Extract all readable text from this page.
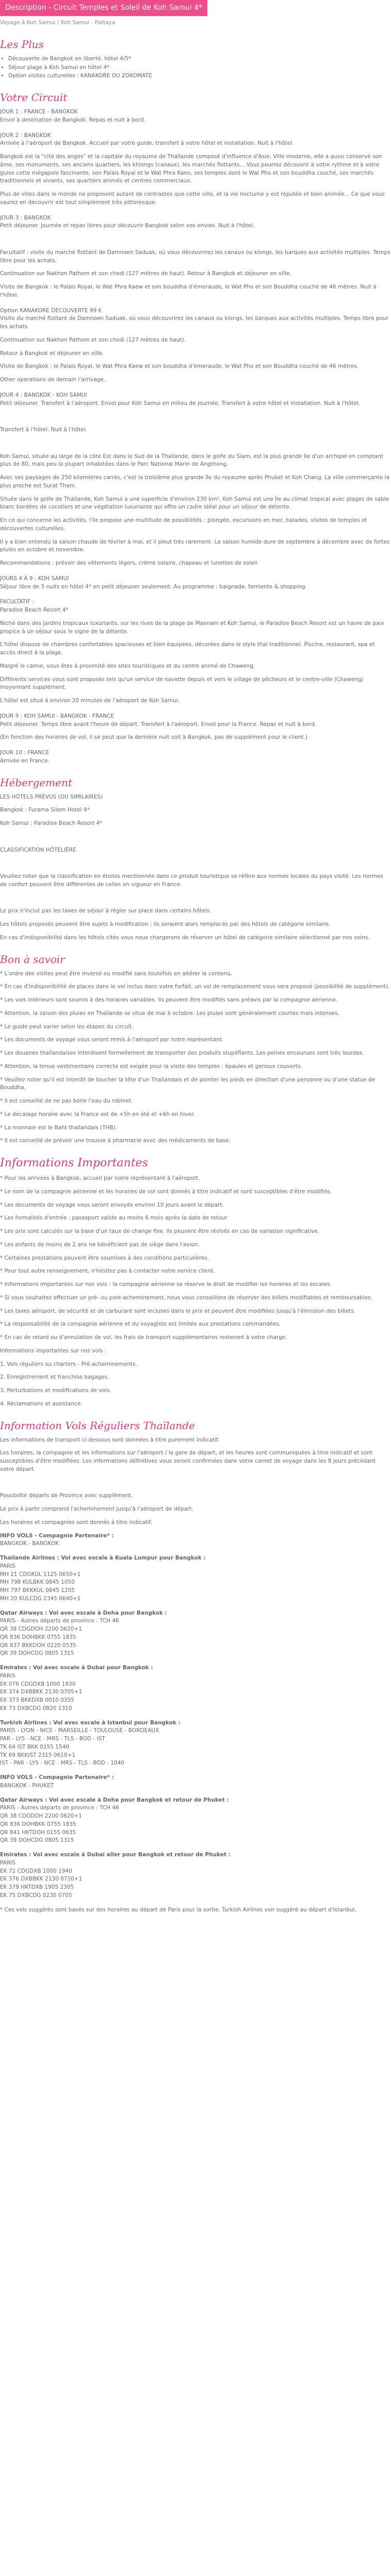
Description - Circuit Temples et Soleil de Koh Samui 4*
Voyage à Koh Samui / Koh Samui - Pattaya
Les Plus
• Découverte de Bangkok en liberté, hôtel 4/5*
• Séjour plage à Koh Samui en hôtel 4*
• Option visites culturelles : KANAKORE OU ZOKOMATE
Votre Circuit

JOUR 1 : FRANCE - BANGKOK

Envol à destination de Bangkok. Repas et nuit à bord.

JOUR 2 : BANGKOK

Arrivée à l'aéroport de Bangkok. Accueil par votre guide, transfert à votre hôtel et installation. Nuit à l'hôtel.

Bangkok est la "cité des anges" et la capitale du royaume de Thaïlande composé d'influence d'Asie. Ville moderne, elle a aussi conservé son âme, ses monuments, ses anciens quartiers, les khlongs (canaux), les marchés flottants... Vous pourrez découvrir à votre rythme et à votre guise cette mégapole fascinante, son Palais Royal et le Wat Phra Kaeo, ses temples dont le Wat Pho et son bouddha couché, ses marchés traditionnels et vivants, ses quartiers animés et centres commerciaux.

Plus de villes dans le monde ne proposent autant de contrastes que cette ville, et la vie nocturne y est réputée et bien animée... Ce que vous saurez en découvrir est tout simplement très pittoresque.

JOUR 3 : BANGKOK

Petit déjeuner. Journée et repas libres pour découvrir Bangkok selon vos envies. Nuit à l'hôtel.

Facultatif : visite du marché flottant de Damnoen Saduak, où vous découvrirez les canaux ou klongs, les barques aux activités multiples. Temps libre pour les achats.

Continuation sur Nakhon Pathom et son chedi (127 mètres de haut). Retour à Bangkok et déjeuner en ville.

Visite de Bangkok : le Palais Royal, le Wat Phra Kaew et son bouddha d'émeraude, le Wat Pho et son Bouddha couché de 46 mètres. Nuit à l'hôtel.

Option KANAKORE DECOUVERTE 99 €

Visite du marché flottant de Damnoen Saduak, où vous découvrirez les canaux ou klongs, les barques aux activités multiples. Temps libre pour les achats.

Continuation sur Nakhon Pathom et son chedi (127 mètres de haut).

Retour à Bangkok et déjeuner en ville.

Visite de Bangkok : le Palais Royal, le Wat Phra Kaew et son bouddha d'émeraude, le Wat Pho et son Bouddha couché de 46 mètres.

Other operations de demain l'arrivage.

JOUR 4 : BANGKOK - KOH SAMUI

Petit déjeuner. Transfert à l'aéroport. Envol pour Koh Samui en milieu de journée. Transfert à votre hôtel et installation. Nuit à l'hôtel.

Transfert à l'hôtel. Nuit à l'hôtel.

Koh Samui, située au large de la côte Est dans le Sud de la Thaïlande, dans le golfe du Siam, est la plus grande île d'un archipel en comptant plus de 80, mais peu la plupart inhabitées dans le Parc National Marin de Angthong.

Avec ses paysages de 250 kilomètres carrés, c'est la troisième plus grande île du royaume après Phuket et Koh Chang. La ville commerçante la plus proche est Surat Thani.

Située dans le golfe de Thaïlande, Koh Samui a une superficie d'environ 230 km². Koh Samui est une île au climat tropical avec plages de sable blanc bordées de cocotiers et une végétation luxuriante qui offre un cadre idéal pour un séjour de détente.

En ce qui concerne les activités, l'île propose une multitude de possibilités : plongée, excursions en mer, balades, visites de temples et découvertes culturelles.

Il y a bien entendu la saison chaude de février à mai, et il pleut très rarement. La saison humide dure de septembre à décembre avec de fortes pluies en octobre et novembre.

Recommandations : prévoir des vêtements légers, crème solaire, chapeau et lunettes de soleil.

JOURS 4 À 9 : KOH SAMUI

Séjour libre de 5 nuits en hôtel 4* en petit déjeuner seulement. Au programme : baignade, farniente & shopping.

FACULTATIF :

Paradise Beach Resort 4*

Niché dans des jardins tropicaux luxuriants, sur les rives de la plage de Maenam et Koh Samui, le Paradise Beach Resort est un havre de paix propice à un séjour sous le signe de la détente.

L'hôtel dispose de chambres confortables spacieuses et bien équipées, décorées dans le style thaï traditionnel. Piscine, restaurant, spa et accès direct à la plage.

Malgré le calme, vous êtes à proximité des sites touristiques et du centre animé de Chaweng.

Différents services vous sont proposés tels qu'un service de navette depuis et vers le village de pêcheurs et le centre-ville (Chaweng) moyennant supplément.

L'hôtel est situé à environ 20 minutes de l'aéroport de Koh Samui.

JOUR 9 : KOH SAMUI - BANGKOK - FRANCE

Petit déjeuner. Temps libre avant l'heure de départ. Transfert à l'aéroport. Envol pour la France. Repas et nuit à bord.

(En fonction des horaires de vol, il se peut que la dernière nuit soit à Bangkok, pas de supplément pour le client.)

JOUR 10 : FRANCE

Arrivée en France.

Hébergement

LES HÔTELS PRÉVUS (OU SIMILAIRES)

Bangkok : Furama Silom Hotel 4*

Koh Samui : Paradise Beach Resort 4*

CLASSIFICATION HÔTELIÈRE

Veuillez noter que la classification en étoiles mentionnée dans ce produit touristique se réfère aux normes locales du pays visité. Les normes de confort peuvent être différentes de celles en vigueur en France.

Le prix n'inclut pas les taxes de séjour à régler sur place dans certains hôtels.

Les hôtels proposés peuvent être sujets à modification ; ils seraient alors remplacés par des hôtels de catégorie similaire.

En cas d'indisponibilité dans les hôtels cités vous nous chargerons de réserver un hôtel de catégorie similaire sélectionné par nos soins.

Bon à savoir

* L'ordre des visites peut être inversé ou modifié sans toutefois en altérer le contenu.

* En cas d'indisponibilité de places dans le vol inclus dans votre forfait, un vol de remplacement vous sera proposé (possibilité de supplément).

* Les vols intérieurs sont soumis à des horaires variables. Ils peuvent être modifiés sans préavis par la compagnie aérienne.

* Attention, la saison des pluies en Thaïlande se situe de mai à octobre. Les pluies sont généralement courtes mais intenses.

* Le guide peut varier selon les étapes du circuit.

* Les documents de voyage vous seront remis à l'aéroport par notre représentant.

* Les douanes thaïlandaises interdisent formellement de transporter des produits stupéfiants. Les peines encourues sont très lourdes.

* Attention, la tenue vestimentaire correcte est exigée pour la visite des temples : épaules et genoux couverts.

* Veuillez noter qu'il est interdit de toucher la tête d'un Thaïlandais et de pointer les pieds en direction d'une personne ou d'une statue de Bouddha.

* Il est conseillé de ne pas boire l'eau du robinet.

* Le décalage horaire avec la France est de +5h en été et +6h en hiver.

* La monnaie est le Baht thaïlandais (THB).

* Il est conseillé de prévoir une trousse à pharmacie avec des médicaments de base.

Informations Importantes

* Pour les arrivées à Bangkok, accueil par notre représentant à l'aéroport.

* Le nom de la compagnie aérienne et les horaires de vol sont donnés à titre indicatif et sont susceptibles d'être modifiés.

* Les documents de voyage vous seront envoyés environ 10 jours avant le départ.

* Les formalités d'entrée : passeport valide au moins 6 mois après la date de retour.

* Les prix sont calculés sur la base d'un taux de change fixe. Ils peuvent être révisés en cas de variation significative.

* Les enfants de moins de 2 ans ne bénéficient pas de siège dans l'avion.

* Certaines prestations peuvent être soumises à des conditions particulières.

* Pour tout autre renseignement, n'hésitez pas à contacter notre service client.

* Informations importantes sur nos vols : la compagnie aérienne se réserve le droit de modifier les horaires et les escales.

* Si vous souhaitez effectuer un pré- ou post-acheminement, nous vous conseillons de réserver des billets modifiables et remboursables.

* Les taxes aéroport, de sécurité et de carburant sont incluses dans le prix et peuvent être modifiées jusqu'à l'émission des billets.

* La responsabilité de la compagnie aérienne et du voyagiste est limitée aux prestations commandées.

* En cas de retard ou d'annulation de vol, les frais de transport supplémentaires resteront à votre charge.

Informations importantes sur nos vols :

1. Vols réguliers ou charters - Pré-acheminements.

2. Enregistrement et franchise bagages.

3. Perturbations et modifications de vols.

4. Réclamations et assistance.

Information Vols Réguliers Thaïlande

Les informations de transport ci-dessous sont données à titre purement indicatif.

Les horaires, la compagnie et les informations sur l'aéroport / la gare de départ, et les heures sont communiquées à titre indicatif et sont susceptibles d'être modifiées. Les informations définitives vous seront confirmées dans votre carnet de voyage dans les 8 jours précédant votre départ.

Possibilité départs de Province avec supplément.

Le prix à partir comprend l'acheminement jusqu'à l'aéroport de départ.

Les horaires et compagnies sont donnés à titre indicatif.

INFO VOLS - Compagnie Partenaire* :

BANGKOK - BANGKOK

Thaïlande Airlines : Vol avec escale à Kuala Lumpur pour Bangkok :

PARIS

MH 21 CDGKUL 1125 0650+1

MH 798 KULBKK 0845 1050

MH 797 BKKKUL 0845 1205

MH 20 KULCDG 2345 0640+1

Qatar Airways : Vol avec escale à Doha pour Bangkok :

PARIS - Autres départs de province : TCH 46

QR 38 CDGDOH 2200 0620+1

QR 836 DOHBKK 0755 1835

QR 837 BKKDOH 0220 0535

QR 39 DOHCDG 0805 1315

Emirates : Vol avec escale à Dubaï pour Bangkok :

PARIS

EK 076 CDGDXB 1000 1930

EK 374 DXBBKK 2130 0705+1

EK 373 BKKDXB 0010 0355

EK 73 DXBCDG 0820 1310

Turkish Airlines : Vol avec escale à Istanbul pour Bangkok :

PARIS - LYON - NICE - MARSEILLE - TOULOUSE - BORDEAUX

PAR - LYS - NCE - MRS - TLS - BOD - IST

TK 64 IST BKK 0155 1540

TK 69 BKKIST 2315 0610+1

IST - PAR - LYS - NCE - MRS - TLS - BOD - 1040

INFO VOLS - Compagnie Partenaire* :

BANGKOK - PHUKET

Qatar Airways : Vol avec escale à Doha pour Bangkok et retour de Phuket :

PARIS - Autres départs de province : TCH 46

QR 38 CDGDOH 2200 0620+1

QR 836 DOHBKK 0755 1835

QR 841 HKTDOH 0155 0635

QR 39 DOHCDG 0805 1315

Emirates : Vol avec escale à Dubaï aller pour Bangkok et retour de Phuket :

PARIS

EK 72 CDGDXB 1000 1940

EK 376 DXBBKK 2130 0710+1

EK 379 HKTDXB 1905 2305

EK 75 DXBCDG 0230 0705

* Ces vols suggérés sont basés sur des horaires au départ de Paris pour la sortie. Turkish Airlines voir suggéré au départ d'Istanbul.
